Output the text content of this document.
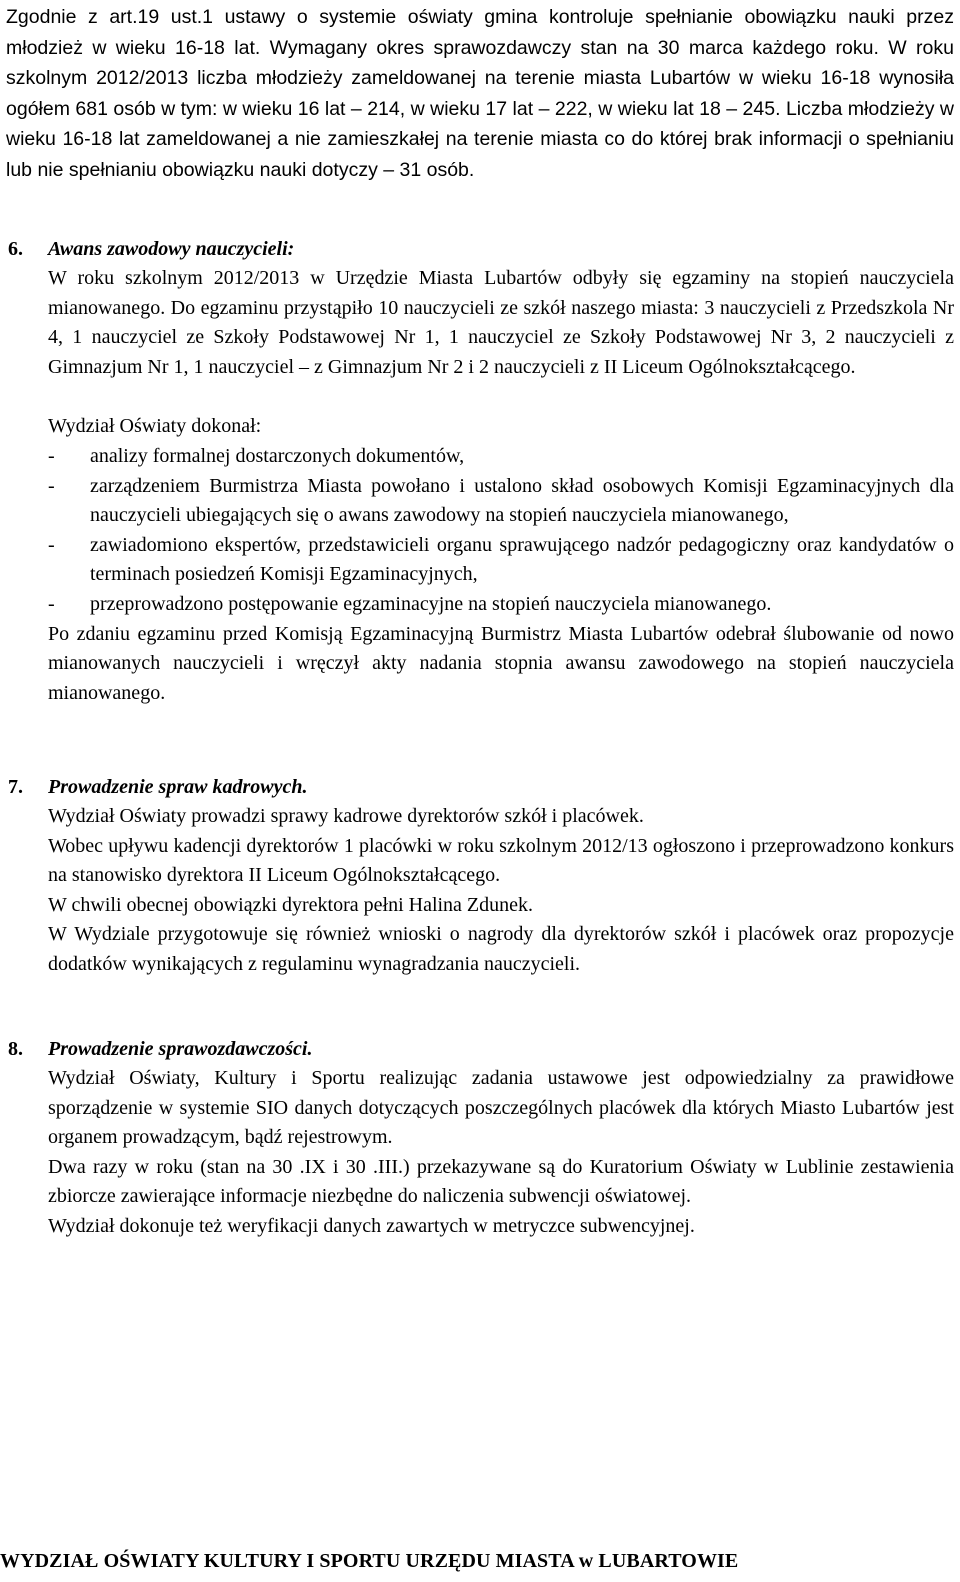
Zgodnie z art.19 ust.1 ustawy o systemie oświaty gmina kontroluje spełnianie obowiązku nauki przez młodzież w wieku 16-18 lat. Wymagany okres sprawozdawczy stan na 30 marca każdego roku. W roku szkolnym 2012/2013 liczba młodzieży zameldowanej na terenie miasta Lubartów w wieku 16-18 wynosiła ogółem 681 osób w tym: w wieku 16 lat – 214, w wieku 17 lat – 222, w wieku lat 18 – 245. Liczba młodzieży w wieku 16-18 lat zameldowanej a nie zamieszkałej na terenie miasta co do której brak informacji o spełnianiu lub nie spełnianiu obowiązku nauki dotyczy – 31 osób.

6. Awans zawodowy nauczycieli:

W roku szkolnym 2012/2013 w Urzędzie Miasta Lubartów odbyły się egzaminy na stopień nauczyciela mianowanego. Do egzaminu przystąpiło 10 nauczycieli ze szkół naszego miasta: 3 nauczycieli z Przedszkola Nr 4, 1 nauczyciel ze Szkoły Podstawowej Nr 1, 1 nauczyciel ze Szkoły Podstawowej Nr 3, 2 nauczycieli z Gimnazjum Nr 1, 1 nauczyciel – z Gimnazjum Nr 2 i 2 nauczycieli z II Liceum Ogólnokształcącego.

Wydział Oświaty dokonał:

- analizy formalnej dostarczonych dokumentów,
- zarządzeniem Burmistrza Miasta powołano i ustalono skład osobowych Komisji Egzaminacyjnych dla nauczycieli ubiegających się o awans zawodowy na stopień nauczyciela mianowanego,
- zawiadomiono ekspertów, przedstawicieli organu sprawującego nadzór pedagogiczny oraz kandydatów o terminach posiedzeń Komisji Egzaminacyjnych,
- przeprowadzono postępowanie egzaminacyjne na stopień nauczyciela mianowanego.

Po zdaniu egzaminu przed Komisją Egzaminacyjną Burmistrz Miasta Lubartów odebrał ślubowanie od nowo mianowanych nauczycieli i wręczył akty nadania stopnia awansu zawodowego na stopień nauczyciela mianowanego.

7. Prowadzenie spraw kadrowych.

Wydział Oświaty prowadzi sprawy kadrowe dyrektorów szkół i placówek.

Wobec upływu kadencji dyrektorów 1 placówki w roku szkolnym 2012/13 ogłoszono i przeprowadzono konkurs na stanowisko dyrektora II Liceum Ogólnokształcącego.

W chwili obecnej obowiązki dyrektora pełni Halina Zdunek.

W Wydziale przygotowuje się również wnioski o nagrody dla dyrektorów szkół i placówek oraz propozycje dodatków wynikających z regulaminu wynagradzania nauczycieli.

8. Prowadzenie sprawozdawczości.

Wydział Oświaty, Kultury i Sportu realizując zadania ustawowe jest odpowiedzialny za prawidłowe sporządzenie w systemie SIO danych dotyczących poszczególnych placówek dla których Miasto Lubartów jest organem prowadzącym, bądź rejestrowym.

Dwa razy w roku (stan na 30 .IX i 30 .III.) przekazywane są do Kuratorium Oświaty w Lublinie zestawienia zbiorcze zawierające informacje niezbędne do naliczenia subwencji oświatowej.

Wydział dokonuje też weryfikacji danych zawartych w metryczce subwencyjnej.

WYDZIAŁ OŚWIATY KULTURY I SPORTU URZĘDU MIASTA w LUBARTOWIE
